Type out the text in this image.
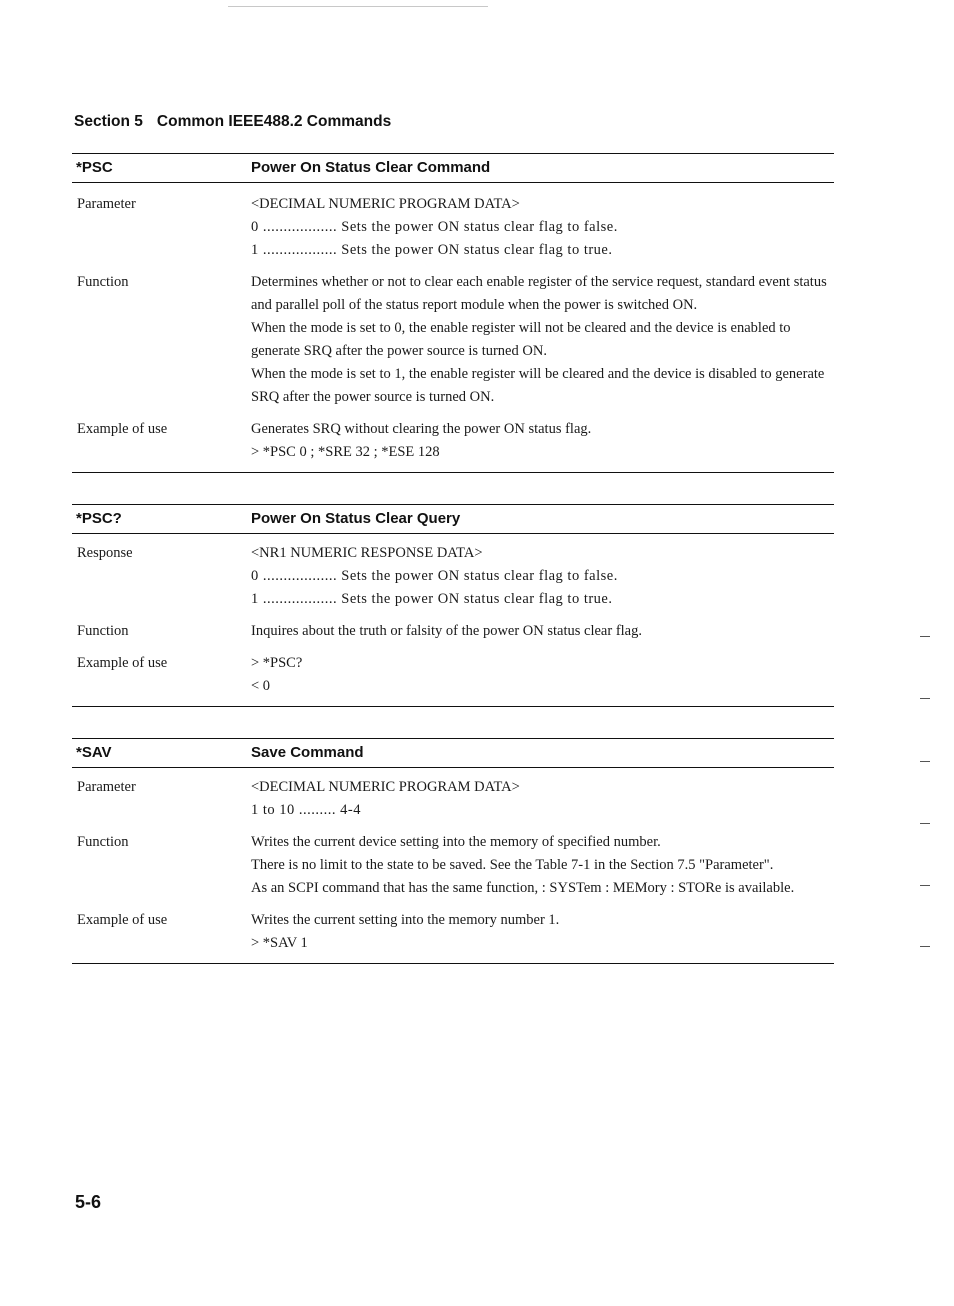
Section 5 Common IEEE488.2 Commands
*PSC	Power On Status Clear Command
Parameter	<DECIMAL NUMERIC PROGRAM DATA>

0 .................. Sets the power ON status clear flag to false.

1 .................. Sets the power ON status clear flag to true.

Function	Determines whether or not to clear each enable register of the service request, standard event status and parallel poll of the status report module when the power is switched ON.

When the mode is set to 0, the enable register will not be cleared and the device is enabled to generate SRQ after the power source is turned ON.

When the mode is set to 1, the enable register will be cleared and the device is disabled to generate SRQ after the power source is turned ON.

Example of use	Generates SRQ without clearing the power ON status flag.

> *PSC 0 ; *SRE 32 ; *ESE 128

*PSC?	Power On Status Clear Query
Response	<NR1 NUMERIC RESPONSE DATA>

0 .................. Sets the power ON status clear flag to false.

1 .................. Sets the power ON status clear flag to true.

Function	Inquires about the truth or falsity of the power ON status clear flag.

Example of use	> *PSC?

< 0

*SAV	Save Command
Parameter	<DECIMAL NUMERIC PROGRAM DATA>

1 to 10 ......... 4-4

Function	Writes the current device setting into the memory of specified number.

There is no limit to the state to be saved. See the Table 7-1 in the Section 7.5 "Parameter".

As an SCPI command that has the same function, : SYSTem : MEMory : STORe is available.

Example of use	Writes the current setting into the memory number 1.

> *SAV 1

5-6
